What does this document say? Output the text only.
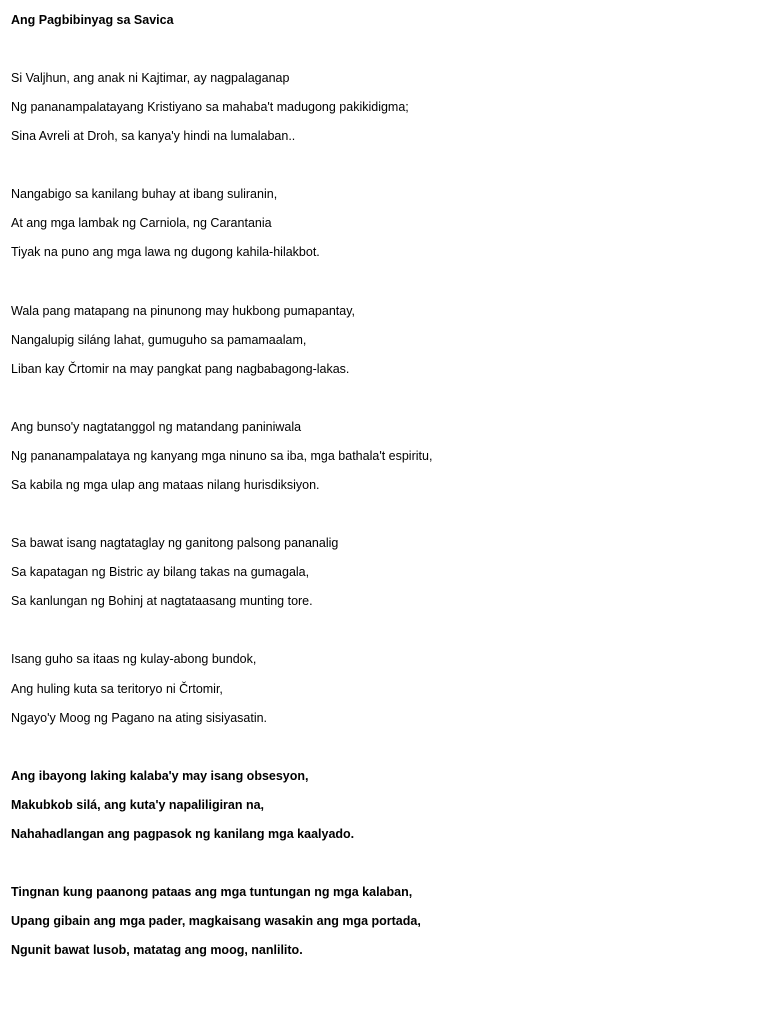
Ang Pagbibinyag sa Savica
Si Valjhun, ang anak ni Kajtimar, ay nagpalaganap
Ng pananampalatayang Kristiyano sa mahaba't madugong pakikidigma;
Sina Avreli at Droh, sa kanya'y hindi na lumalaban..
Nangabigo sa kanilang buhay at ibang suliranin,
At ang mga lambak ng Carniola, ng Carantania
Tiyak na puno ang mga lawa ng dugong kahila-hilakbot.
Wala pang matapang na pinunong may hukbong pumapantay,
Nangalupig siláng lahat, gumuguho sa pamamaalam,
Liban kay Črtomir na may pangkat pang nagbabagong-lakas.
Ang bunso'y nagtatanggol ng matandang paniniwala
Ng pananampalataya ng kanyang mga ninuno sa iba, mga bathala't espiritu,
Sa kabila ng mga ulap ang mataas nilang hurisdiksiyon.
Sa bawat isang nagtataglay ng ganitong palsong pananalig
Sa kapatagan ng Bistric ay bilang takas na gumagala,
Sa kanlungan ng Bohinj at nagtataasang munting tore.
Isang guho sa itaas ng kulay-abong bundok,
Ang huling kuta sa teritoryo ni Črtomir,
Ngayo'y Moog ng Pagano na ating sisiyasatin.
Ang ibayong laking kalaba'y may isang obsesyon,
Makubkob silá, ang kuta'y napaliligiran na,
Nahahadlangan ang pagpasok ng kanilang mga kaalyado.
Tingnan kung paanong pataas ang mga tuntungan ng mga kalaban,
Upang gibain ang mga pader, magkaisang wasakin ang mga portada,
Ngunit bawat lusob, matatag ang moog, nanlilito.
